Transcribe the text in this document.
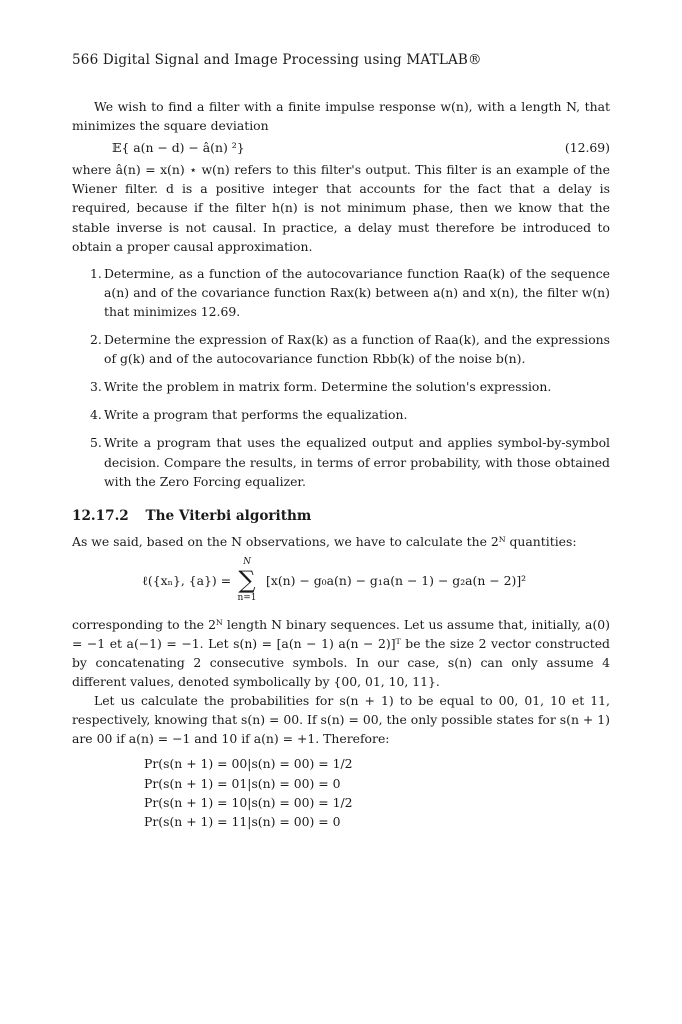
566 Digital Signal and Image Processing using MATLAB®

We wish to find a filter with a finite impulse response w(n), with a length N, that minimizes the square deviation

𝔼{ a(n − d) − â(n) ²}	(12.69)

where â(n) = x(n) ⋆ w(n) refers to this filter's output. This filter is an example of the Wiener filter. d is a positive integer that accounts for the fact that a delay is required, because if the filter h(n) is not minimum phase, then we know that the stable inverse is not causal. In practice, a delay must therefore be introduced to obtain a proper causal approximation.

1. Determine, as a function of the autocovariance function Raa(k) of the sequence a(n) and of the covariance function Rax(k) between a(n) and x(n), the filter w(n) that minimizes 12.69.
2. Determine the expression of Rax(k) as a function of Raa(k), and the expressions of g(k) and of the autocovariance function Rbb(k) of the noise b(n).
3. Write the problem in matrix form. Determine the solution's expression.
4. Write a program that performs the equalization.
5. Write a program that uses the equalized output and applies symbol-by-symbol decision. Compare the results, in terms of error probability, with those obtained with the Zero Forcing equalizer.
12.17.2 The Viterbi algorithm

As we said, based on the N observations, we have to calculate the 2ᴺ quantities:

ℓ({xₙ}, {a}) =
N
∑
n=1
[x(n) − g₀a(n) − g₁a(n − 1) − g₂a(n − 2)]²

corresponding to the 2ᴺ length N binary sequences. Let us assume that, initially, a(0) = −1 et a(−1) = −1. Let s(n) = [a(n − 1) a(n − 2)]ᵀ be the size 2 vector constructed by concatenating 2 consecutive symbols. In our case, s(n) can only assume 4 different values, denoted symbolically by {00, 01, 10, 11}.

Let us calculate the probabilities for s(n + 1) to be equal to 00, 01, 10 et 11, respectively, knowing that s(n) = 00. If s(n) = 00, the only possible states for s(n + 1) are 00 if a(n) = −1 and 10 if a(n) = +1. Therefore:

Pr(s(n + 1) = 00|s(n) = 00) = 1/2
Pr(s(n + 1) = 01|s(n) = 00) = 0
Pr(s(n + 1) = 10|s(n) = 00) = 1/2
Pr(s(n + 1) = 11|s(n) = 00) = 0
